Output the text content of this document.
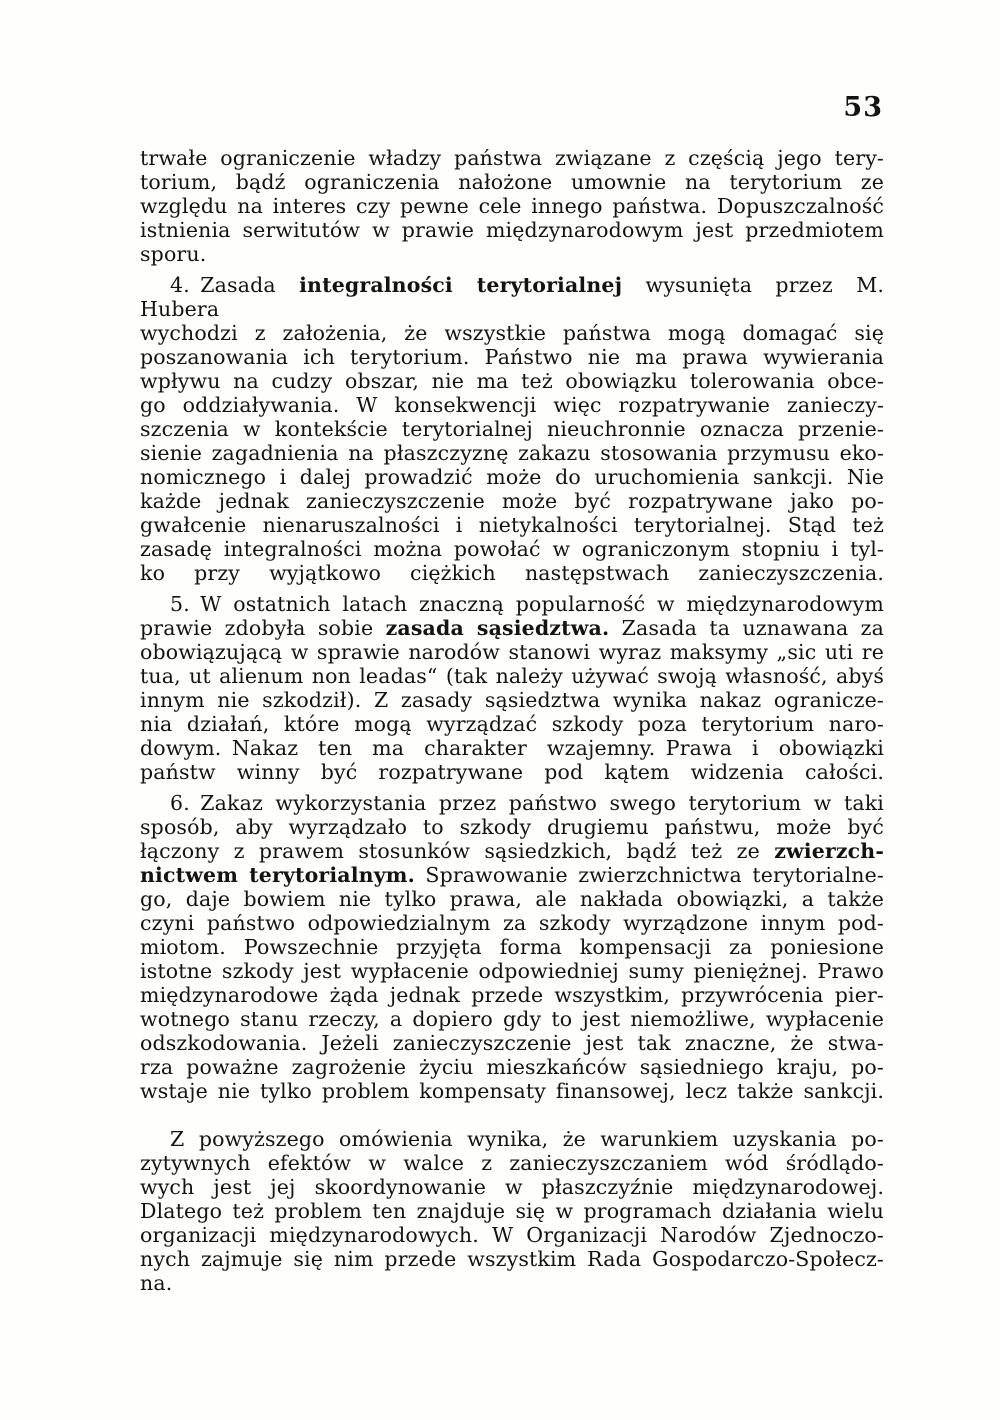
53
trwałe ograniczenie władzy państwa związane z częścią jego tery-
torium, bądź ograniczenia nałożone umownie na terytorium ze
względu na interes czy pewne cele innego państwa. Dopuszczalność
istnienia serwitutów w prawie międzynarodowym jest przedmiotem
sporu.
4. Zasada integralności terytorialnej wysunięta przez M. Hubera
wychodzi z założenia, że wszystkie państwa mogą domagać się
poszanowania ich terytorium. Państwo nie ma prawa wywierania
wpływu na cudzy obszar, nie ma też obowiązku tolerowania obce-
go oddziaływania. W konsekwencji więc rozpatrywanie zanieczy-
szczenia w kontekście terytorialnej nieuchronnie oznacza przenie-
sienie zagadnienia na płaszczyznę zakazu stosowania przymusu eko-
nomicznego i dalej prowadzić może do uruchomienia sankcji. Nie
każde jednak zanieczyszczenie może być rozpatrywane jako po-
gwałcenie nienaruszalności i nietykalności terytorialnej. Stąd też
zasadę integralności można powołać w ograniczonym stopniu i tyl-
ko przy wyjątkowo ciężkich następstwach zanieczyszczenia.
5. W ostatnich latach znaczną popularność w międzynarodowym
prawie zdobyła sobie zasada sąsiedztwa. Zasada ta uznawana za
obowiązującą w sprawie narodów stanowi wyraz maksymy „sic uti re
tua, ut alienum non leadas“ (tak należy używać swoją własność, abyś
innym nie szkodził). Z zasady sąsiedztwa wynika nakaz ogranicze-
nia działań, które mogą wyrządzać szkody poza terytorium naro-
dowym. Nakaz ten ma charakter wzajemny. Prawa i obowiązki
państw winny być rozpatrywane pod kątem widzenia całości.
6. Zakaz wykorzystania przez państwo swego terytorium w taki
sposób, aby wyrządzało to szkody drugiemu państwu, może być
łączony z prawem stosunków sąsiedzkich, bądź też ze zwierzch-
nictwem terytorialnym. Sprawowanie zwierzchnictwa terytorialne-
go, daje bowiem nie tylko prawa, ale nakłada obowiązki, a także
czyni państwo odpowiedzialnym za szkody wyrządzone innym pod-
miotom. Powszechnie przyjęta forma kompensacji za poniesione
istotne szkody jest wypłacenie odpowiedniej sumy pieniężnej. Prawo
międzynarodowe żąda jednak przede wszystkim, przywrócenia pier-
wotnego stanu rzeczy, a dopiero gdy to jest niemożliwe, wypłacenie
odszkodowania. Jeżeli zanieczyszczenie jest tak znaczne, że stwa-
rza poważne zagrożenie życiu mieszkańców sąsiedniego kraju, po-
wstaje nie tylko problem kompensaty finansowej, lecz także sankcji.
Z powyższego omówienia wynika, że warunkiem uzyskania po-
zytywnych efektów w walce z zanieczyszczaniem wód śródlądo-
wych jest jej skoordynowanie w płaszczyźnie międzynarodowej.
Dlatego też problem ten znajduje się w programach działania wielu
organizacji międzynarodowych. W Organizacji Narodów Zjednoczo-
nych zajmuje się nim przede wszystkim Rada Gospodarczo-Społecz-
na.
